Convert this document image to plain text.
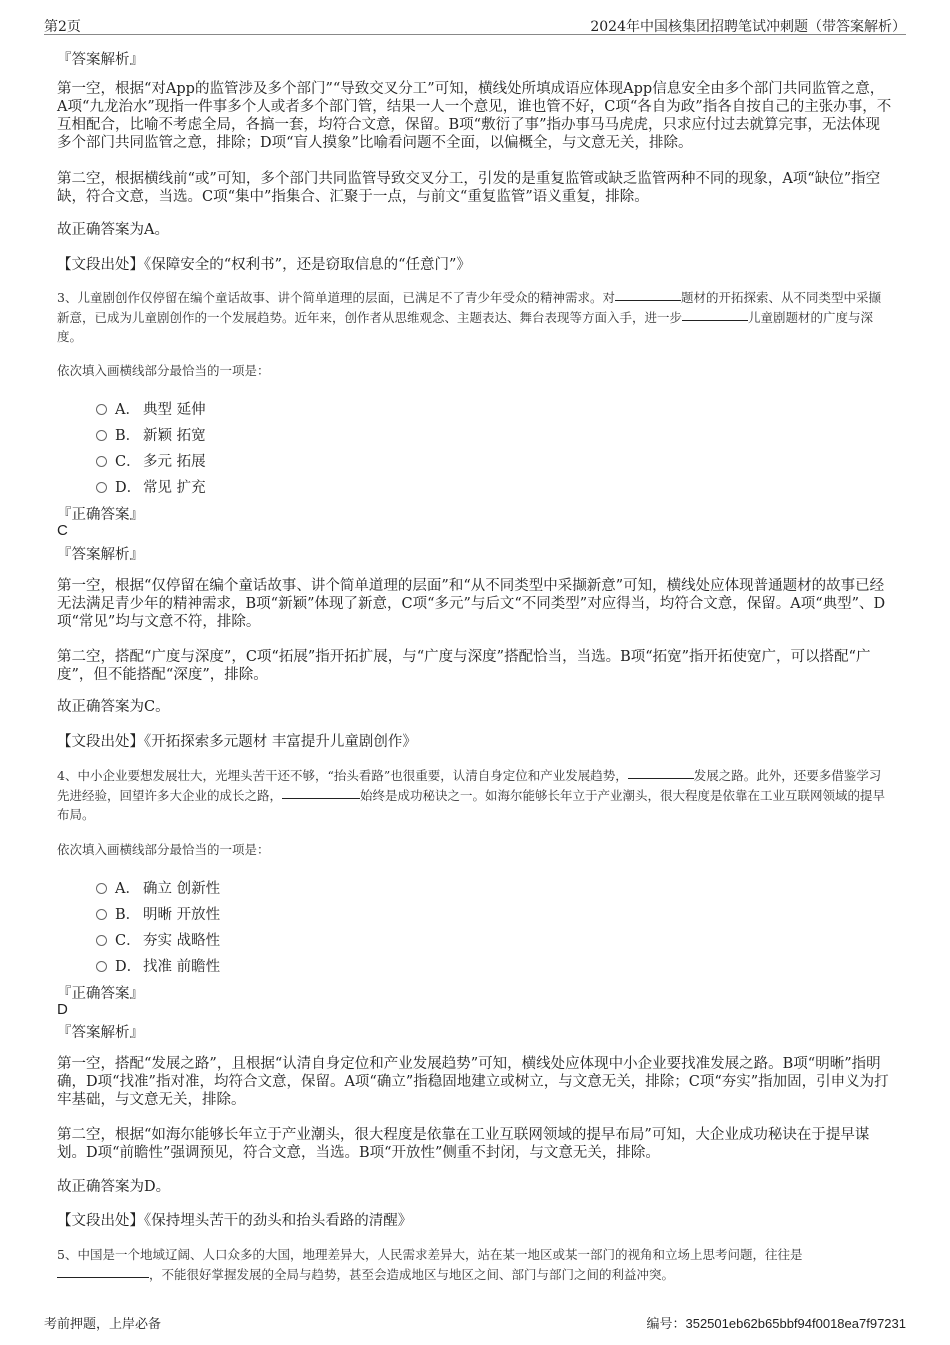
第2页	2024年中国核集团招聘笔试冲刺题（带答案解析）
『答案解析』
第一空，根据“对App的监管涉及多个部门”“导致交叉分工”可知，横线处所填成语应体现App信息安全由多个部门共同监管之意，A项“九龙治水”现指一件事多个人或者多个部门管，结果一人一个意见，谁也管不好，C项“各自为政”指各自按自己的主张办事，不互相配合，比喻不考虑全局，各搞一套，均符合文意，保留。B项“敷衍了事”指办事马马虎虎，只求应付过去就算完事，无法体现多个部门共同监管之意，排除；D项“盲人摸象”比喻看问题不全面，以偏概全，与文意无关，排除。
第二空，根据横线前“或”可知，多个部门共同监管导致交叉分工，引发的是重复监管或缺乏监管两种不同的现象，A项“缺位”指空缺，符合文意，当选。C项“集中”指集合、汇聚于一点，与前文“重复监管”语义重复，排除。
故正确答案为A。
【文段出处】《保障安全的“权利书”，还是窃取信息的“任意门”》
3、儿童剧创作仅停留在编个童话故事、讲个简单道理的层面，已满足不了青少年受众的精神需求。对	题材的开拓探索、从不同类型中采撷新意，已成为儿童剧创作的一个发展趋势。近年来，创作者从思维观念、主题表达、舞台表现等方面入手，进一步	儿童剧题材的广度与深度。
依次填入画横线部分最恰当的一项是：
A． 典型 延伸
B． 新颖 拓宽
C． 多元 拓展
D． 常见 扩充
『正确答案』
C
『答案解析』
第一空，根据“仅停留在编个童话故事、讲个简单道理的层面”和“从不同类型中采撷新意”可知，横线处应体现普通题材的故事已经无法满足青少年的精神需求，B项“新颖”体现了新意，C项“多元”与后文“不同类型”对应得当，均符合文意，保留。A项“典型”、D项“常见”均与文意不符，排除。
第二空，搭配“广度与深度”，C项“拓展”指开拓扩展，与“广度与深度”搭配恰当，当选。B项“拓宽”指开拓使宽广，可以搭配“广度”，但不能搭配“深度”，排除。
故正确答案为C。
【文段出处】《开拓探索多元题材 丰富提升儿童剧创作》
4、中小企业要想发展壮大，光埋头苦干还不够，“抬头看路”也很重要，认清自身定位和产业发展趋势，	发展之路。此外，还要多借鉴学习先进经验，回望许多大企业的成长之路，	始终是成功秘诀之一。如海尔能够长年立于产业潮头，很大程度是依靠在工业互联网领域的提早布局。
依次填入画横线部分最恰当的一项是：
A． 确立 创新性
B． 明晰 开放性
C． 夯实 战略性
D． 找准 前瞻性
『正确答案』
D
『答案解析』
第一空，搭配“发展之路”，且根据“认清自身定位和产业发展趋势”可知，横线处应体现中小企业要找准发展之路。B项“明晰”指明确，D项“找准”指对准，均符合文意，保留。A项“确立”指稳固地建立或树立，与文意无关，排除；C项“夯实”指加固，引申义为打牢基础，与文意无关，排除。
第二空，根据“如海尔能够长年立于产业潮头，很大程度是依靠在工业互联网领域的提早布局”可知，大企业成功秘诀在于提早谋划。D项“前瞻性”强调预见，符合文意，当选。B项“开放性”侧重不封闭，与文意无关，排除。
故正确答案为D。
【文段出处】《保持埋头苦干的劲头和抬头看路的清醒》
5、中国是一个地域辽阔、人口众多的大国，地理差异大，人民需求差异大，站在某一地区或某一部门的视角和立场上思考问题，往往是，不能很好掌握发展的全局与趋势，甚至会造成地区与地区之间、部门与部门之间的利益冲突。
考前押题，上岸必备	编号：352501eb62b65bbf94f0018ea7f97231
